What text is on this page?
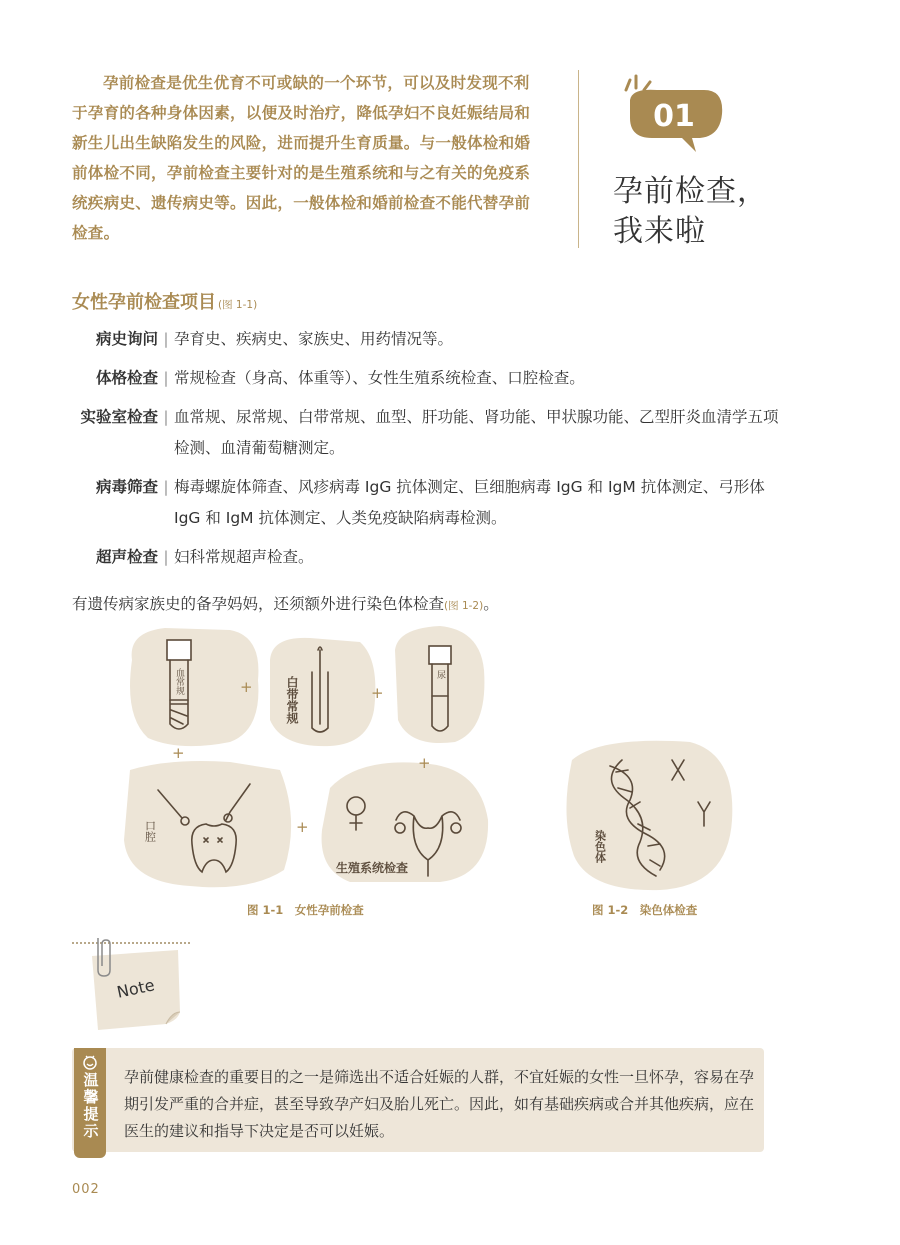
孕前检查是优生优育不可或缺的一个环节，可以及时发现不利于孕育的各种身体因素，以便及时治疗，降低孕妇不良妊娠结局和新生儿出生缺陷发生的风险，进而提升生育质量。与一般体检和婚前体检不同，孕前检查主要针对的是生殖系统和与之有关的免疫系统疾病史、遗传病史等。因此，一般体检和婚前检查不能代替孕前检查。

01
孕前检查，
我来啦
女性孕前检查项目 (图 1-1)
病史询问 | 孕育史、疾病史、家族史、用药情况等。
体格检查 | 常规检查（身高、体重等）、女性生殖系统检查、口腔检查。
实验室检查 | 血常规、尿常规、白带常规、血型、肝功能、肾功能、甲状腺功能、乙型肝炎血清学五项检测、血清葡萄糖测定。
病毒筛查 | 梅毒螺旋体筛查、风疹病毒 IgG 抗体测定、巨细胞病毒 IgG 和 IgM 抗体测定、弓形体 IgG 和 IgM 抗体测定、人类免疫缺陷病毒检测。
超声检查 | 妇科常规超声检查。
有遗传病家族史的备孕妈妈，还须额外进行染色体检查(图 1-2)。
+	+
+
+
+
血常规	白带常规
尿
口腔
生殖系统检查
染色体
图 1-1　女性孕前检查	图 1-2　染色体检查
Note
温馨提示

孕前健康检查的重要目的之一是筛选出不适合妊娠的人群，不宜妊娠的女性一旦怀孕，容易在孕期引发严重的合并症，甚至导致孕产妇及胎儿死亡。因此，如有基础疾病或合并其他疾病，应在医生的建议和指导下决定是否可以妊娠。

002
